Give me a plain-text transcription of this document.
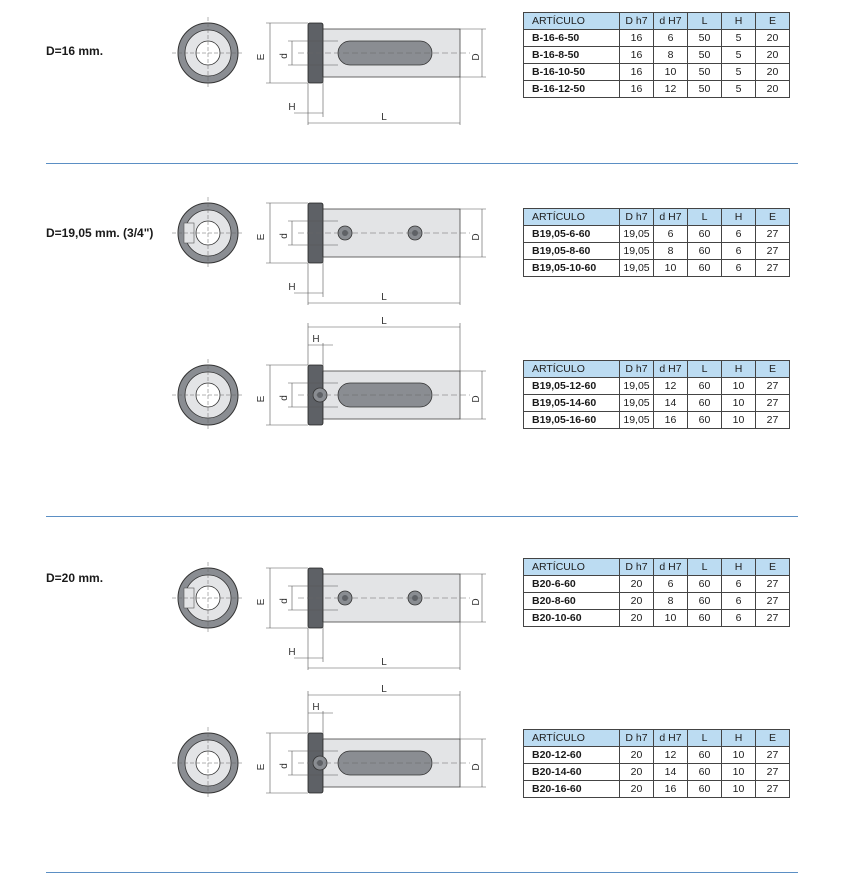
D=16 mm.
D=19,05 mm. (3/4")
D=20 mm.
E d	D
H
L
E d	D
H
L
E d	D
H
L
E d	D
H
L
E d	D
H
L
ARTÍCULO	D h7	d H7	L	H	E
B-16-6-50	16	6	50	5	20
B-16-8-50	16	8	50	5	20
B-16-10-50	16	10	50	5	20
B-16-12-50	16	12	50	5	20
ARTÍCULO	D h7	d H7	L	H	E
B19,05-6-60	19,05	6	60	6	27
B19,05-8-60	19,05	8	60	6	27
B19,05-10-60	19,05	10	60	6	27
ARTÍCULO	D h7	d H7	L	H	E
B19,05-12-60	19,05	12	60	10	27
B19,05-14-60	19,05	14	60	10	27
B19,05-16-60	19,05	16	60	10	27
ARTÍCULO	D h7	d H7	L	H	E
B20-6-60	20	6	60	6	27
B20-8-60	20	8	60	6	27
B20-10-60	20	10	60	6	27
ARTÍCULO	D h7	d H7	L	H	E
B20-12-60	20	12	60	10	27
B20-14-60	20	14	60	10	27
B20-16-60	20	16	60	10	27
